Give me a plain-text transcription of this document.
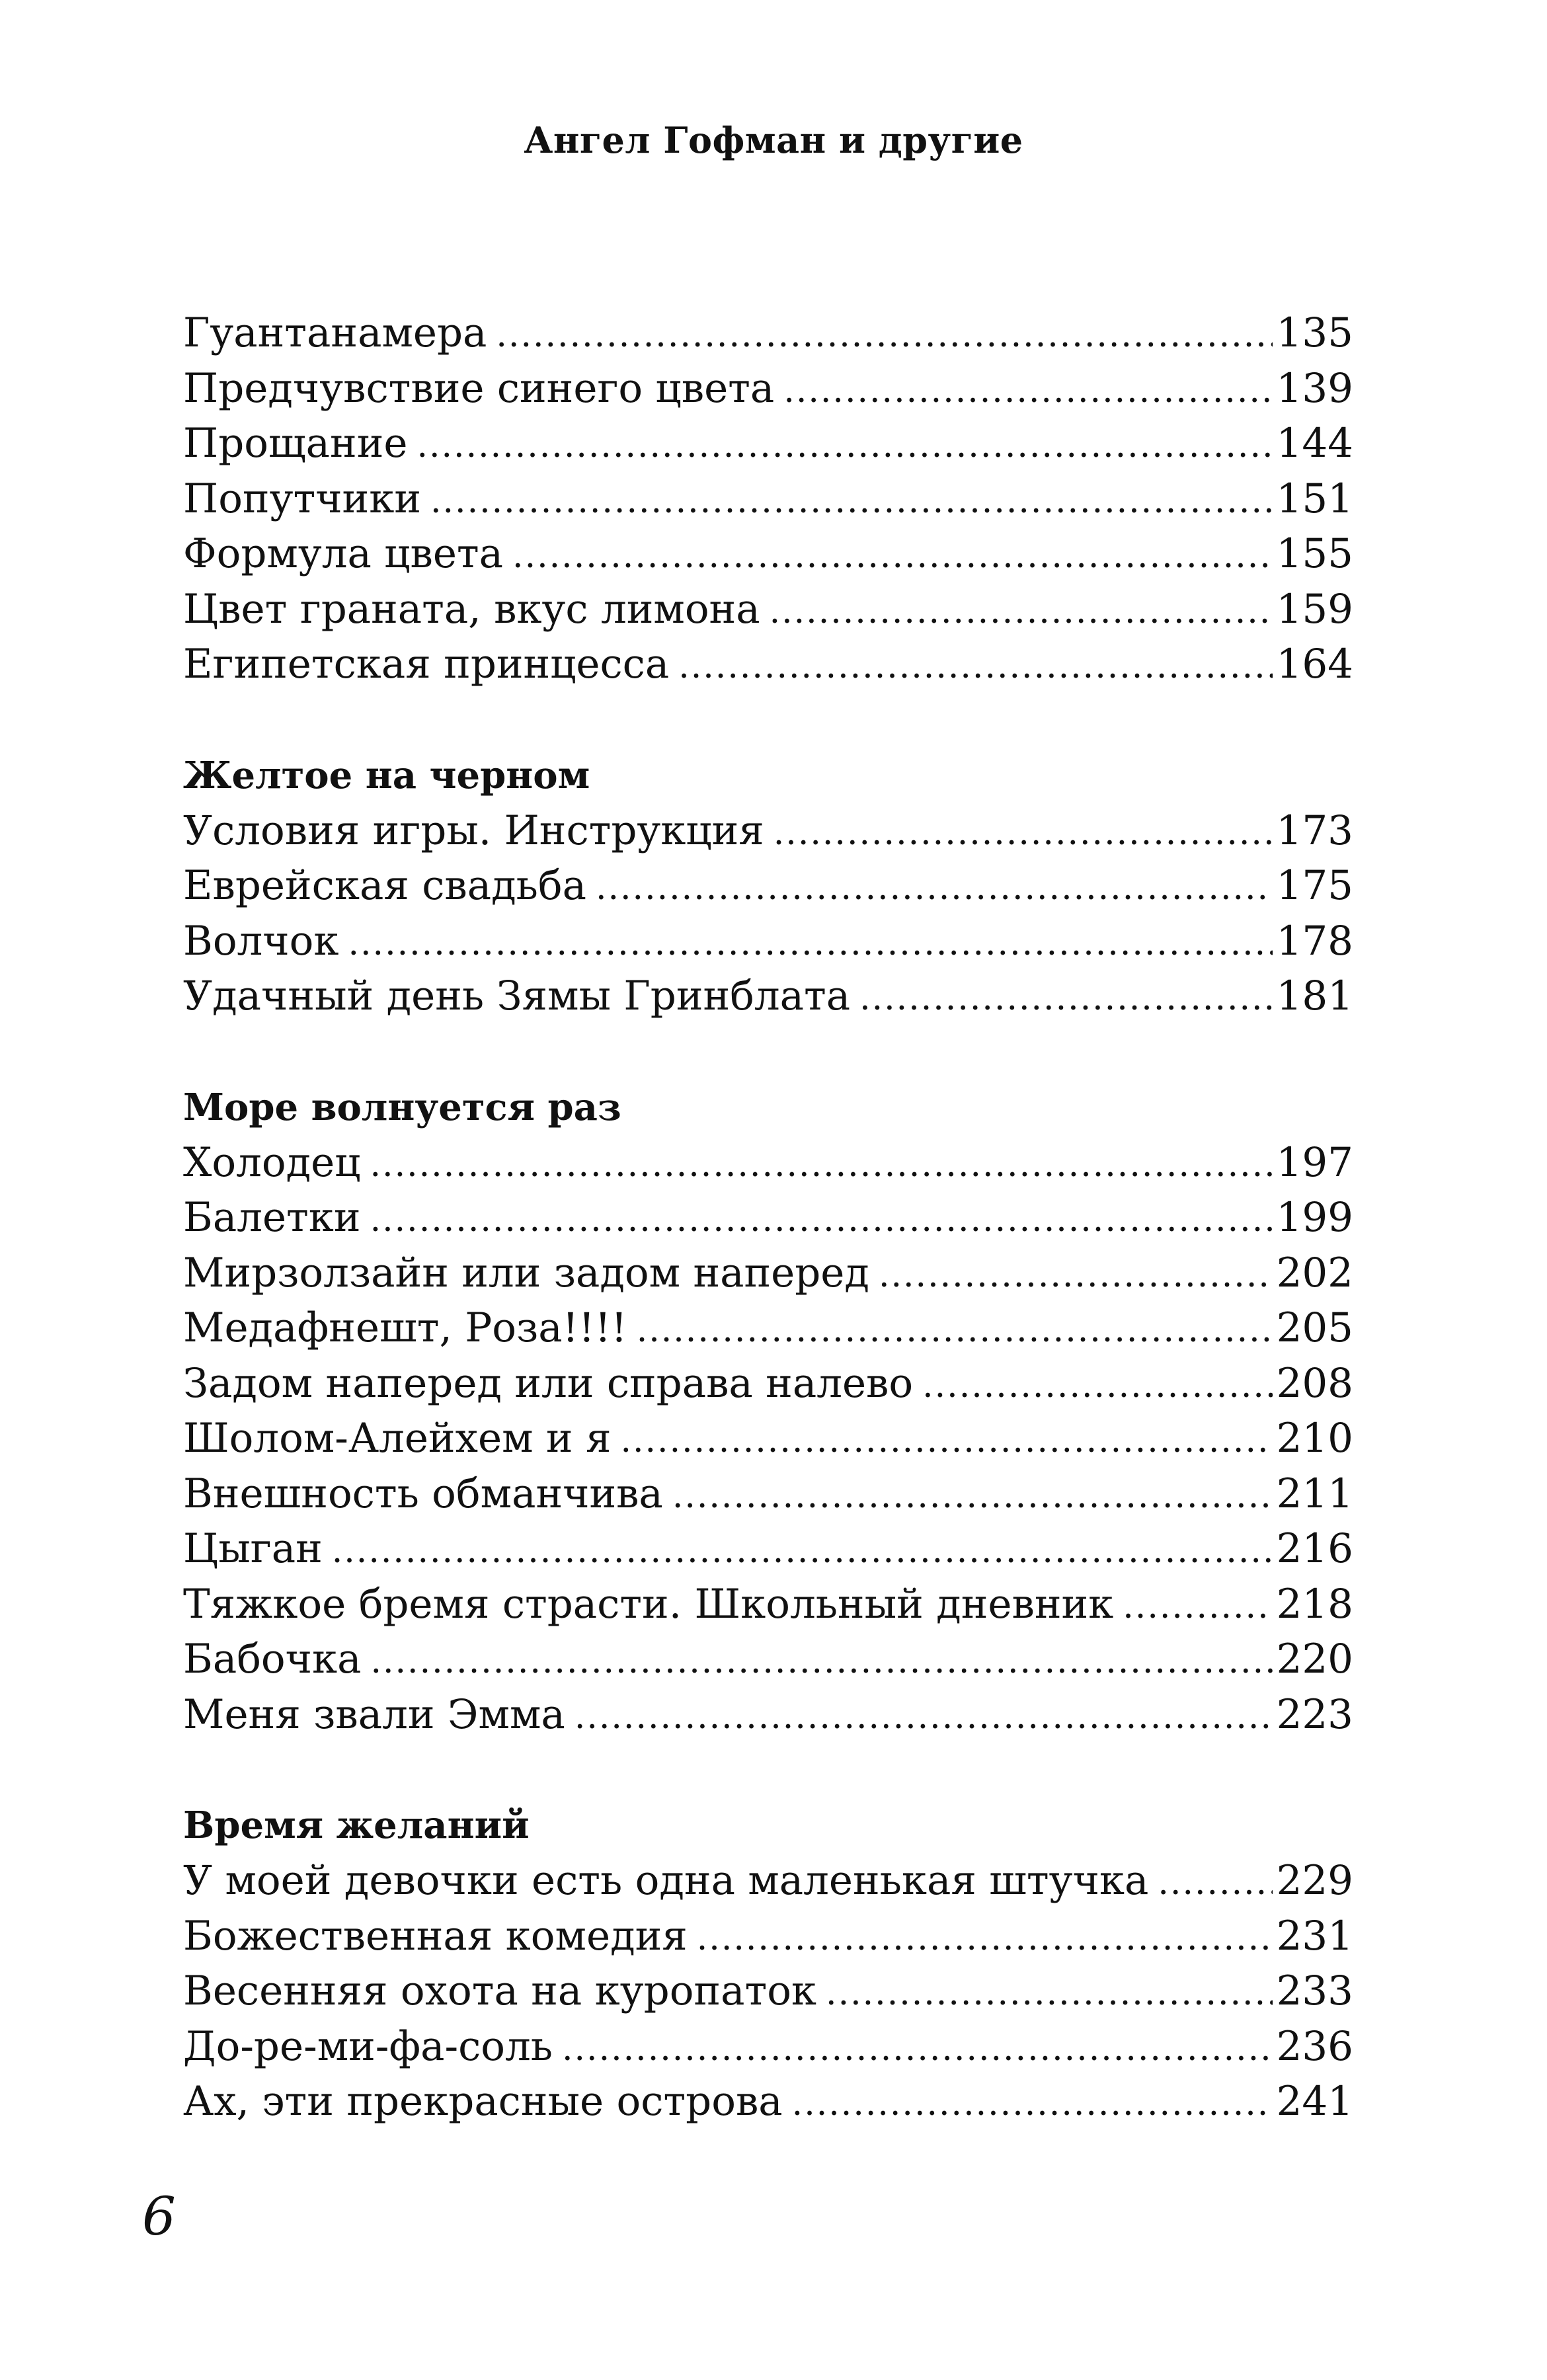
Ангел Гофман и другие
Гуантанамера .....	135
Предчувствие синего цвета .....	139
Прощание .....	144
Попутчики .....	151
Формула цвета .....	155
Цвет граната, вкус лимона .....	159
Египетская принцесса .....	164
Желтое на черном
Условия игры. Инструкция .....	173
Еврейская свадьба .....	175
Волчок .....	178
Удачный день Зямы Гринблата .....	181
Море волнуется раз
Холодец .....	197
Балетки .....	199
Мирзолзайн или задом наперед .....	202
Медафнешт, Роза!!!! .....	205
Задом наперед или справа налево .....	208
Шолом-Алейхем и я .....	210
Внешность обманчива .....	211
Цыган .....	216
Тяжкое бремя страсти. Школьный дневник .....	218
Бабочка .....	220
Меня звали Эмма .....	223
Время желаний
У моей девочки есть одна маленькая штучка .....	229
Божественная комедия .....	231
Весенняя охота на куропаток .....	233
До-ре-ми-фа-соль .....	236
Ах, эти прекрасные острова .....	241
6
